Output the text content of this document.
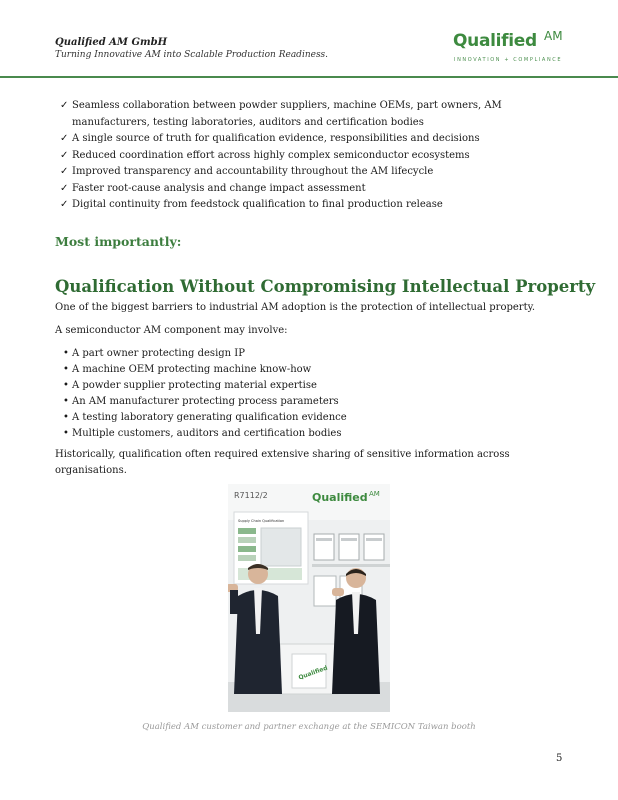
Qualified AM GmbH
Turning Innovative AM into Scalable Production Readiness.
Qualified AM
INNOVATION + COMPLIANCE
✓ Seamless collaboration between powder suppliers, machine OEMs, part owners, AM manufacturers, testing laboratories, auditors and certification bodies
✓ A single source of truth for qualification evidence, responsibilities and decisions
✓ Reduced coordination effort across highly complex semiconductor ecosystems
✓ Improved transparency and accountability throughout the AM lifecycle
✓ Faster root-cause analysis and change impact assessment
✓ Digital continuity from feedstock qualification to final production release
Most importantly:
Qualification Without Compromising Intellectual Property
One of the biggest barriers to industrial AM adoption is the protection of intellectual property.
A semiconductor AM component may involve:
• A part owner protecting design IP
• A machine OEM protecting machine know-how
• A powder supplier protecting material expertise
• An AM manufacturer protecting process parameters
• A testing laboratory generating qualification evidence
• Multiple customers, auditors and certification bodies
Historically, qualification often required extensive sharing of sensitive information across organisations.
R7112/2	Qualified AM
Supply Chain Qualification
Qualified
Qualified AM customer and partner exchange at the SEMICON Taiwan booth
5
